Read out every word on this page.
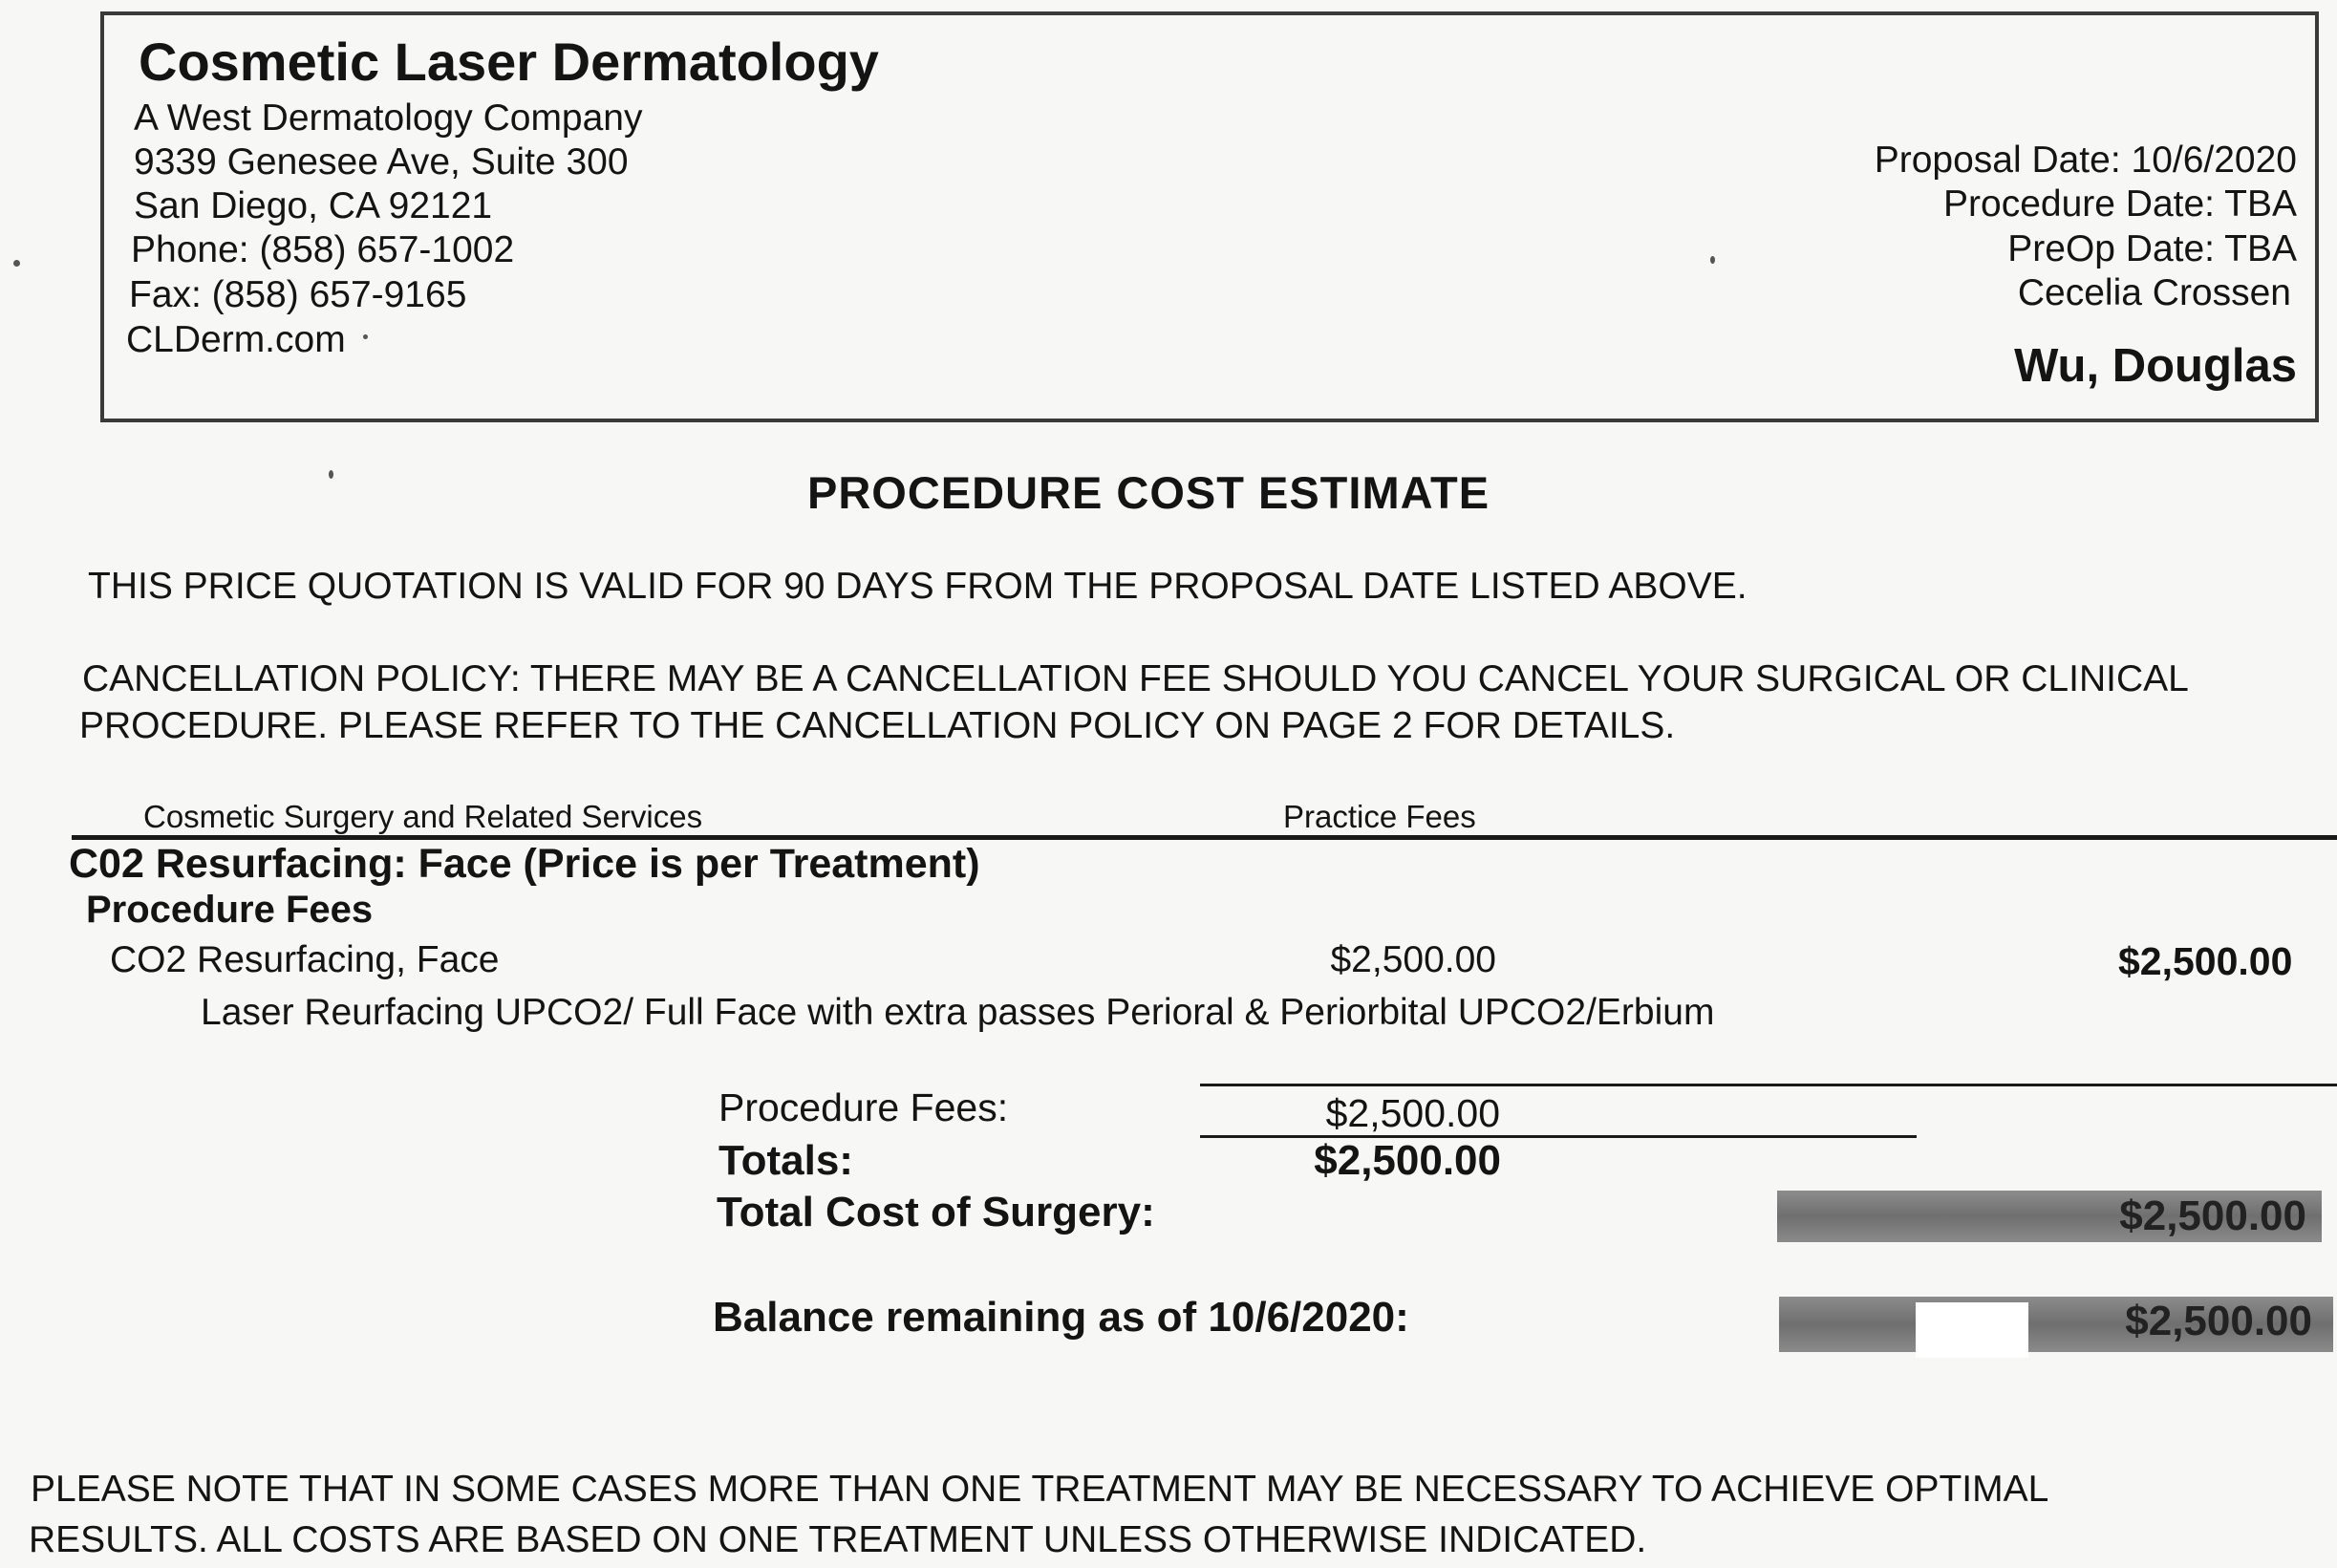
Cosmetic Laser Dermatology
A West Dermatology Company
9339 Genesee Ave, Suite 300
San Diego, CA 92121
Phone: (858) 657-1002
Fax: (858) 657-9165
CLDerm.com
Proposal Date: 10/6/2020
Procedure Date: TBA
PreOp Date: TBA
Cecelia Crossen
Wu, Douglas
PROCEDURE COST ESTIMATE
THIS PRICE QUOTATION IS VALID FOR 90 DAYS FROM THE PROPOSAL DATE LISTED ABOVE.
CANCELLATION POLICY: THERE MAY BE A CANCELLATION FEE SHOULD YOU CANCEL YOUR SURGICAL OR CLINICAL
PROCEDURE. PLEASE REFER TO THE CANCELLATION POLICY ON PAGE 2 FOR DETAILS.
Cosmetic Surgery and Related Services	Practice Fees
C02 Resurfacing: Face (Price is per Treatment)
Procedure Fees
CO2 Resurfacing, Face	$2,500.00	$2,500.00
Laser Reurfacing UPCO2/ Full Face with extra passes Perioral & Periorbital UPCO2/Erbium
Procedure Fees:	$2,500.00
Totals:	$2,500.00
Total Cost of Surgery:	$2,500.00
Balance remaining as of 10/6/2020:	$2,500.00
PLEASE NOTE THAT IN SOME CASES MORE THAN ONE TREATMENT MAY BE NECESSARY TO ACHIEVE OPTIMAL
RESULTS. ALL COSTS ARE BASED ON ONE TREATMENT UNLESS OTHERWISE INDICATED.
